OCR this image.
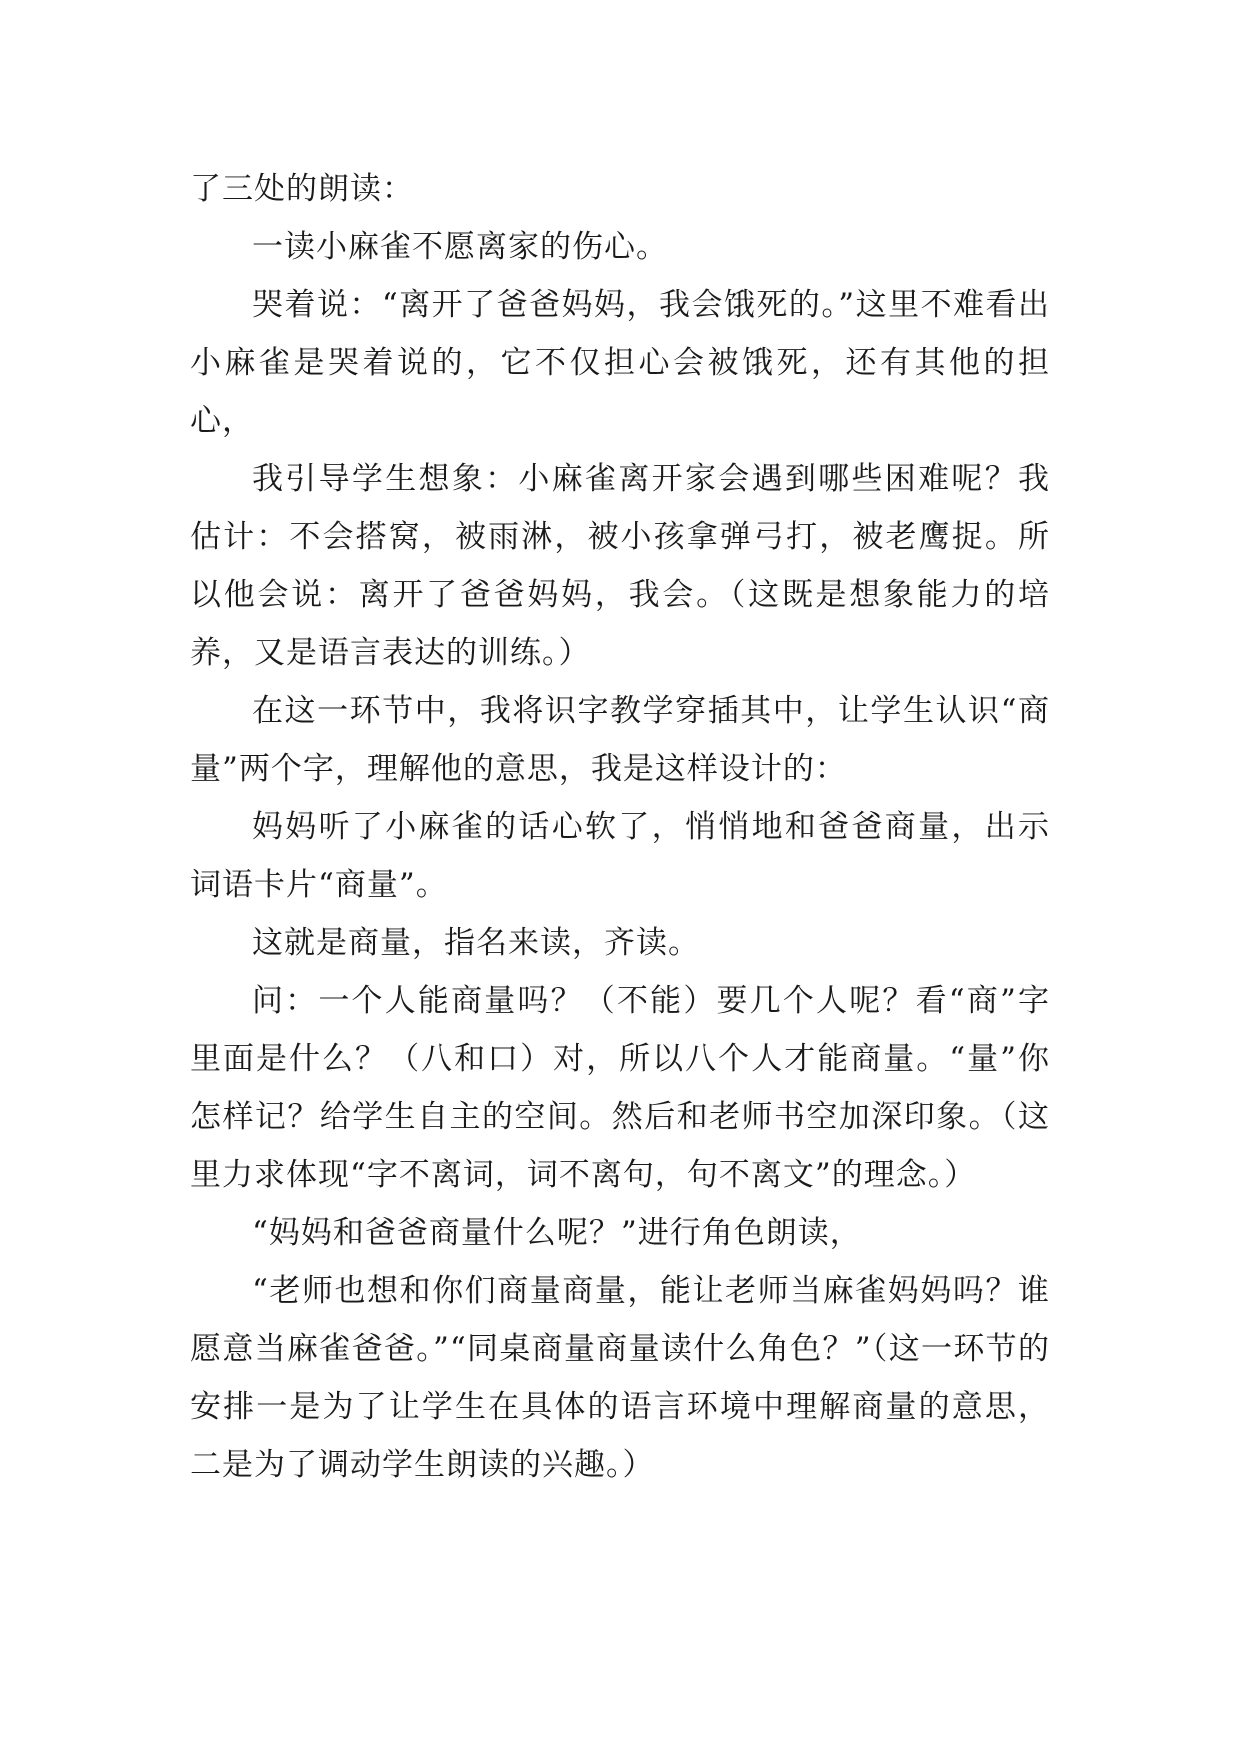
了三处的朗读：

一读小麻雀不愿离家的伤心。

哭着说：“离开了爸爸妈妈，我会饿死的。”这里不难看出小麻雀是哭着说的，它不仅担心会被饿死，还有其他的担心，

我引导学生想象：小麻雀离开家会遇到哪些困难呢？我估计：不会搭窝，被雨淋，被小孩拿弹弓打，被老鹰捉。所以他会说：离开了爸爸妈妈，我会。（这既是想象能力的培养，又是语言表达的训练。）

在这一环节中，我将识字教学穿插其中，让学生认识“商量”两个字，理解他的意思，我是这样设计的：

妈妈听了小麻雀的话心软了，悄悄地和爸爸商量，出示词语卡片“商量”。

这就是商量，指名来读，齐读。

问：一个人能商量吗？（不能）要几个人呢？看“商”字里面是什么？（八和口）对，所以八个人才能商量。“量”你怎样记？给学生自主的空间。然后和老师书空加深印象。（这里力求体现“字不离词，词不离句，句不离文”的理念。）

“妈妈和爸爸商量什么呢？”进行角色朗读，

“老师也想和你们商量商量，能让老师当麻雀妈妈吗？谁愿意当麻雀爸爸。”“同桌商量商量读什么角色？”（这一环节的安排一是为了让学生在具体的语言环境中理解商量的意思，二是为了调动学生朗读的兴趣。）
